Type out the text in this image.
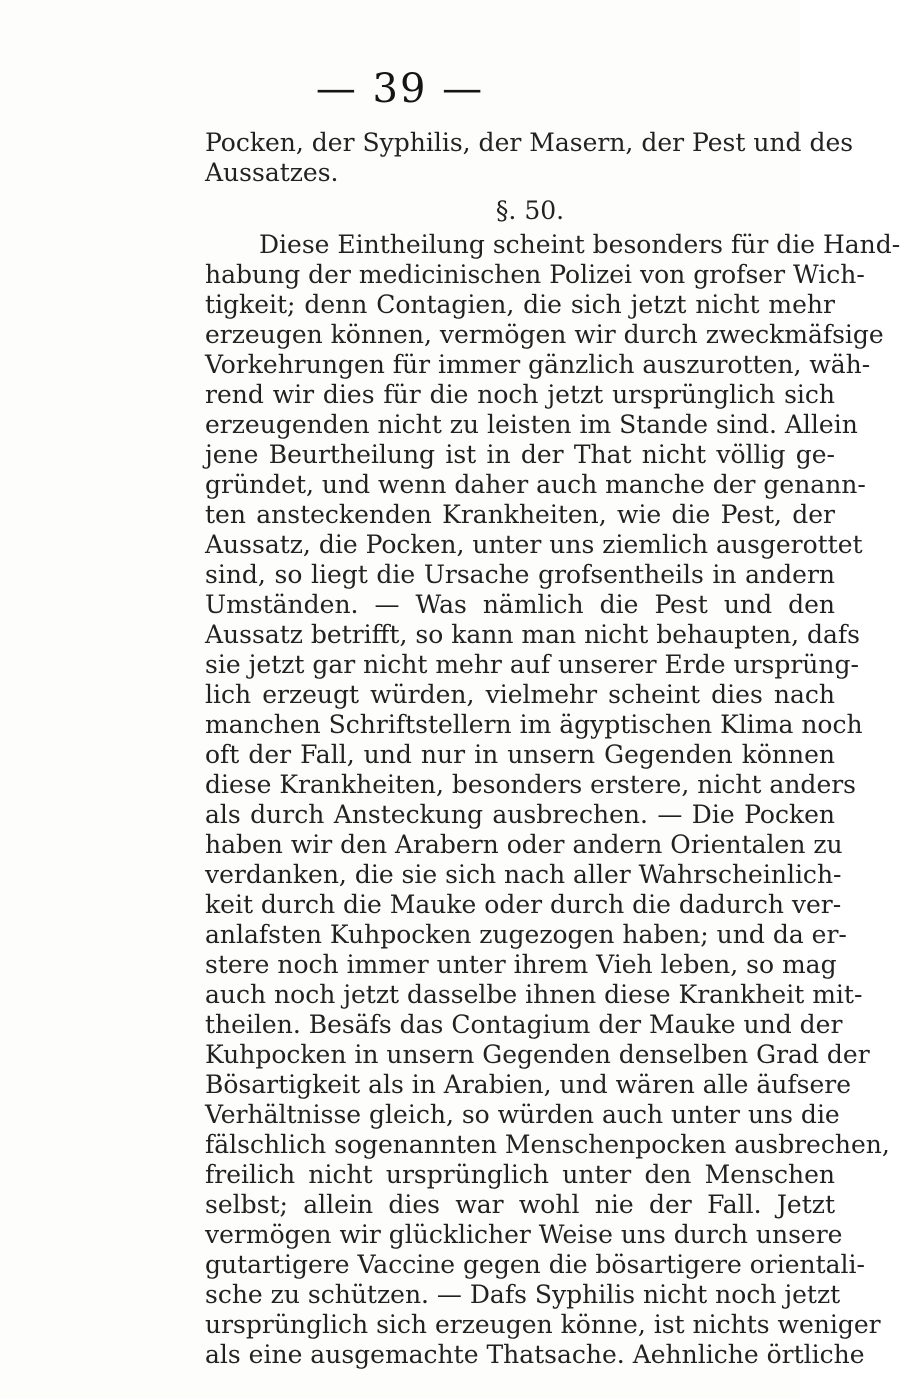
— 39 —
Pocken, der Syphilis, der Masern, der Pest und des
Aussatzes.
§. 50.
Diese Eintheilung scheint besonders für die Hand-
habung der medicinischen Polizei von grofser Wich-
tigkeit; denn Contagien, die sich jetzt nicht mehr
erzeugen können, vermögen wir durch zweckmäfsige
Vorkehrungen für immer gänzlich auszurotten, wäh-
rend wir dies für die noch jetzt ursprünglich sich
erzeugenden nicht zu leisten im Stande sind. Allein
jene Beurtheilung ist in der That nicht völlig ge-
gründet, und wenn daher auch manche der genann-
ten ansteckenden Krankheiten, wie die Pest, der
Aussatz, die Pocken, unter uns ziemlich ausgerottet
sind, so liegt die Ursache grofsentheils in andern
Umständen. — Was nämlich die Pest und den
Aussatz betrifft, so kann man nicht behaupten, dafs
sie jetzt gar nicht mehr auf unserer Erde ursprüng-
lich erzeugt würden, vielmehr scheint dies nach
manchen Schriftstellern im ägyptischen Klima noch
oft der Fall, und nur in unsern Gegenden können
diese Krankheiten, besonders erstere, nicht anders
als durch Ansteckung ausbrechen. — Die Pocken
haben wir den Arabern oder andern Orientalen zu
verdanken, die sie sich nach aller Wahrscheinlich-
keit durch die Mauke oder durch die dadurch ver-
anlafsten Kuhpocken zugezogen haben; und da er-
stere noch immer unter ihrem Vieh leben, so mag
auch noch jetzt dasselbe ihnen diese Krankheit mit-
theilen. Besäfs das Contagium der Mauke und der
Kuhpocken in unsern Gegenden denselben Grad der
Bösartigkeit als in Arabien, und wären alle äufsere
Verhältnisse gleich, so würden auch unter uns die
fälschlich sogenannten Menschenpocken ausbrechen,
freilich nicht ursprünglich unter den Menschen
selbst; allein dies war wohl nie der Fall. Jetzt
vermögen wir glücklicher Weise uns durch unsere
gutartigere Vaccine gegen die bösartigere orientali-
sche zu schützen. — Dafs Syphilis nicht noch jetzt
ursprünglich sich erzeugen könne, ist nichts weniger
als eine ausgemachte Thatsache. Aehnliche örtliche
